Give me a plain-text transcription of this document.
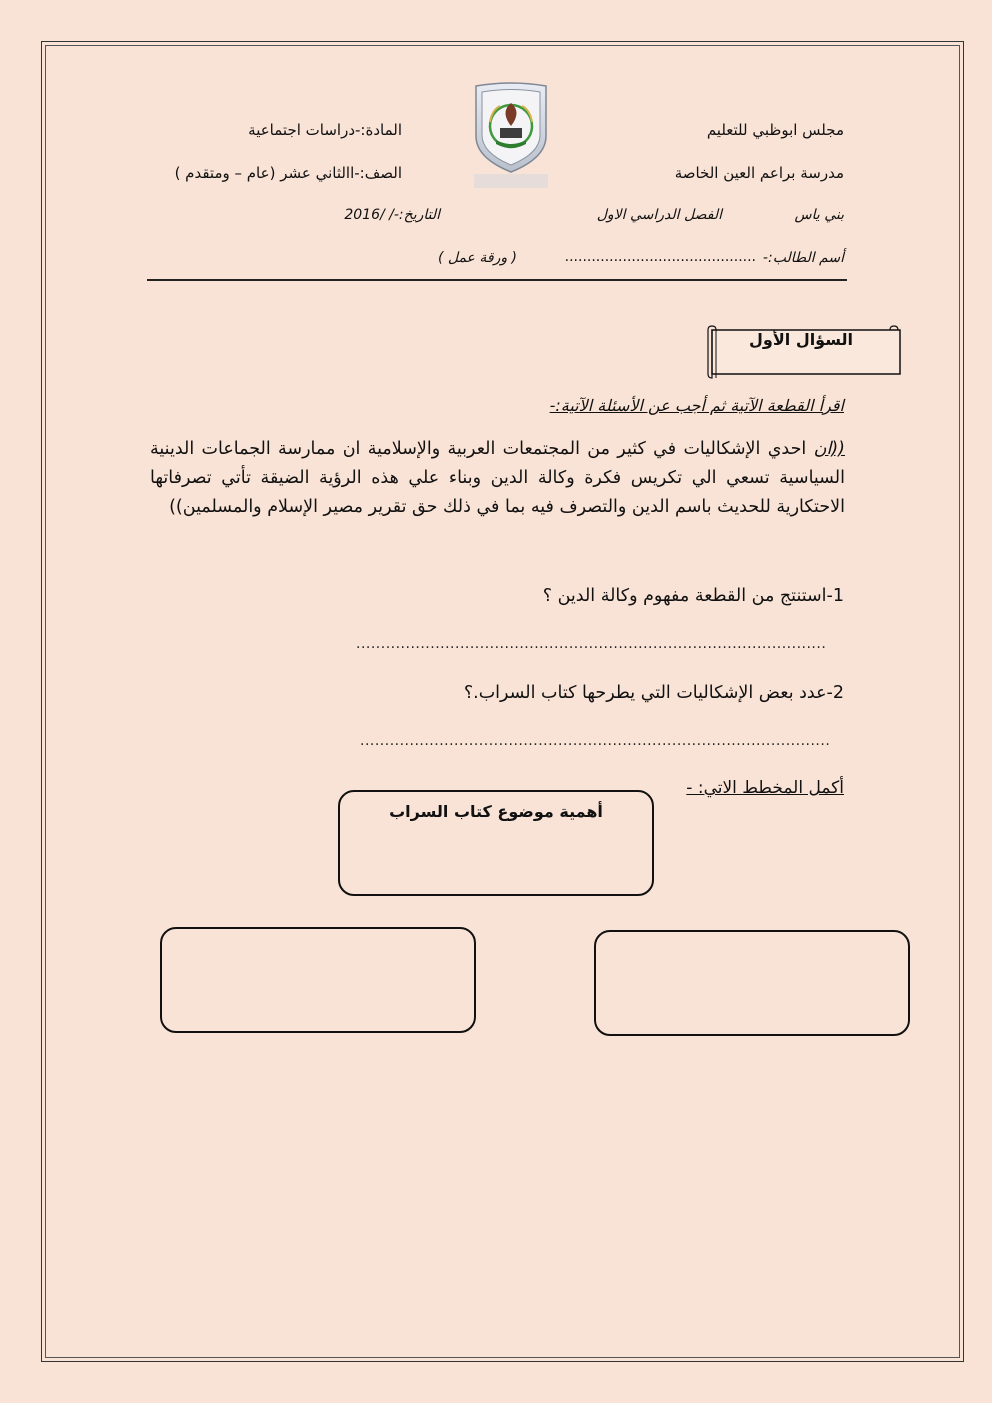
مجلس ابوظبي للتعليم
مدرسة براعم العين الخاصة
بني ياس
الفصل الدراسي الاول
المادة:-دراسات اجتماعية
الصف:-االثاني عشر (عام – ومتقدم )
التاريخ:-/ /2016
أسم الطالب:-
...........................................
( ورقة عمل )
السؤال الأول
اقرأ القطعة الآتية ثم أجب عن الأسئلة الآتية:-
((ان احدي الإشكاليات في كثير من المجتمعات العربية والإسلامية ان ممارسة الجماعات الدينية السياسية تسعي الي تكريس فكرة وكالة الدين وبناء علي هذه الرؤية الضيقة تأتي تصرفاتها الاحتكارية للحديث باسم الدين والتصرف فيه بما في ذلك حق تقرير مصير الإسلام والمسلمين))
1-استنتج من القطعة مفهوم وكالة الدين ؟
...............................................................................................
2-عدد بعض الإشكاليات التي يطرحها كتاب السراب.؟
...............................................................................................
أكمل المخطط الاتي: -
أهمية موضوع كتاب السراب
